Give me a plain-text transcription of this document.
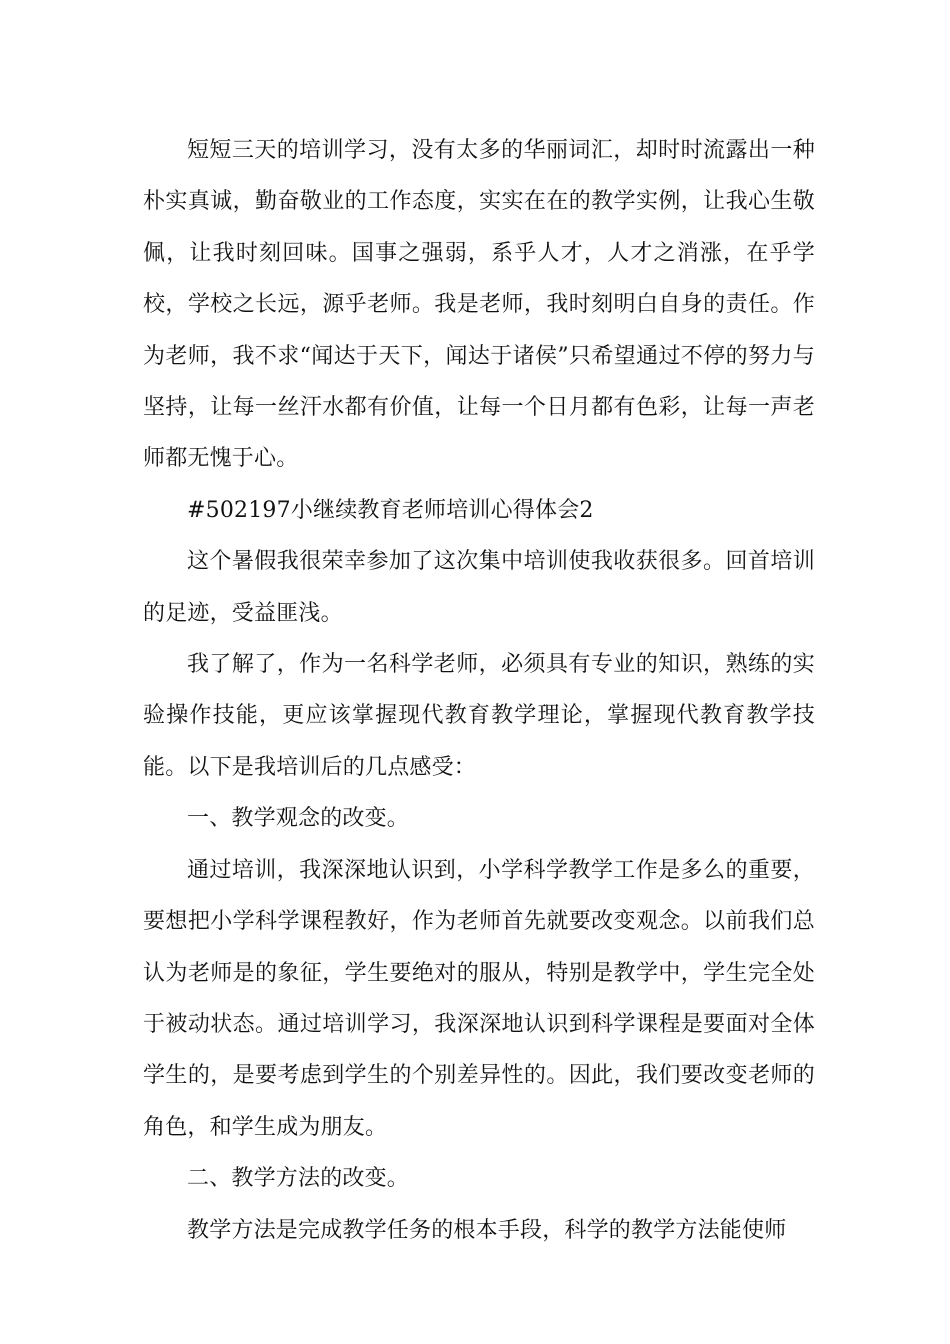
短短三天的培训学习，没有太多的华丽词汇，却时时流露出一种朴实真诚，勤奋敬业的工作态度，实实在在的教学实例，让我心生敬佩，让我时刻回味。国事之强弱，系乎人才，人才之消涨，在乎学校，学校之长远，源乎老师。我是老师，我时刻明白自身的责任。作为老师，我不求“闻达于天下，闻达于诸侯”只希望通过不停的努力与坚持，让每一丝汗水都有价值，让每一个日月都有色彩，让每一声老师都无愧于心。

#502197小继续教育老师培训心得体会2

这个暑假我很荣幸参加了这次集中培训使我收获很多。回首培训的足迹，受益匪浅。

我了解了，作为一名科学老师，必须具有专业的知识，熟练的实验操作技能，更应该掌握现代教育教学理论，掌握现代教育教学技能。以下是我培训后的几点感受：

一、教学观念的改变。

通过培训，我深深地认识到，小学科学教学工作是多么的重要，要想把小学科学课程教好，作为老师首先就要改变观念。以前我们总认为老师是的象征，学生要绝对的服从，特别是教学中，学生完全处于被动状态。通过培训学习，我深深地认识到科学课程是要面对全体学生的，是要考虑到学生的个别差异性的。因此，我们要改变老师的角色，和学生成为朋友。

二、教学方法的改变。

教学方法是完成教学任务的根本手段，科学的教学方法能使师
